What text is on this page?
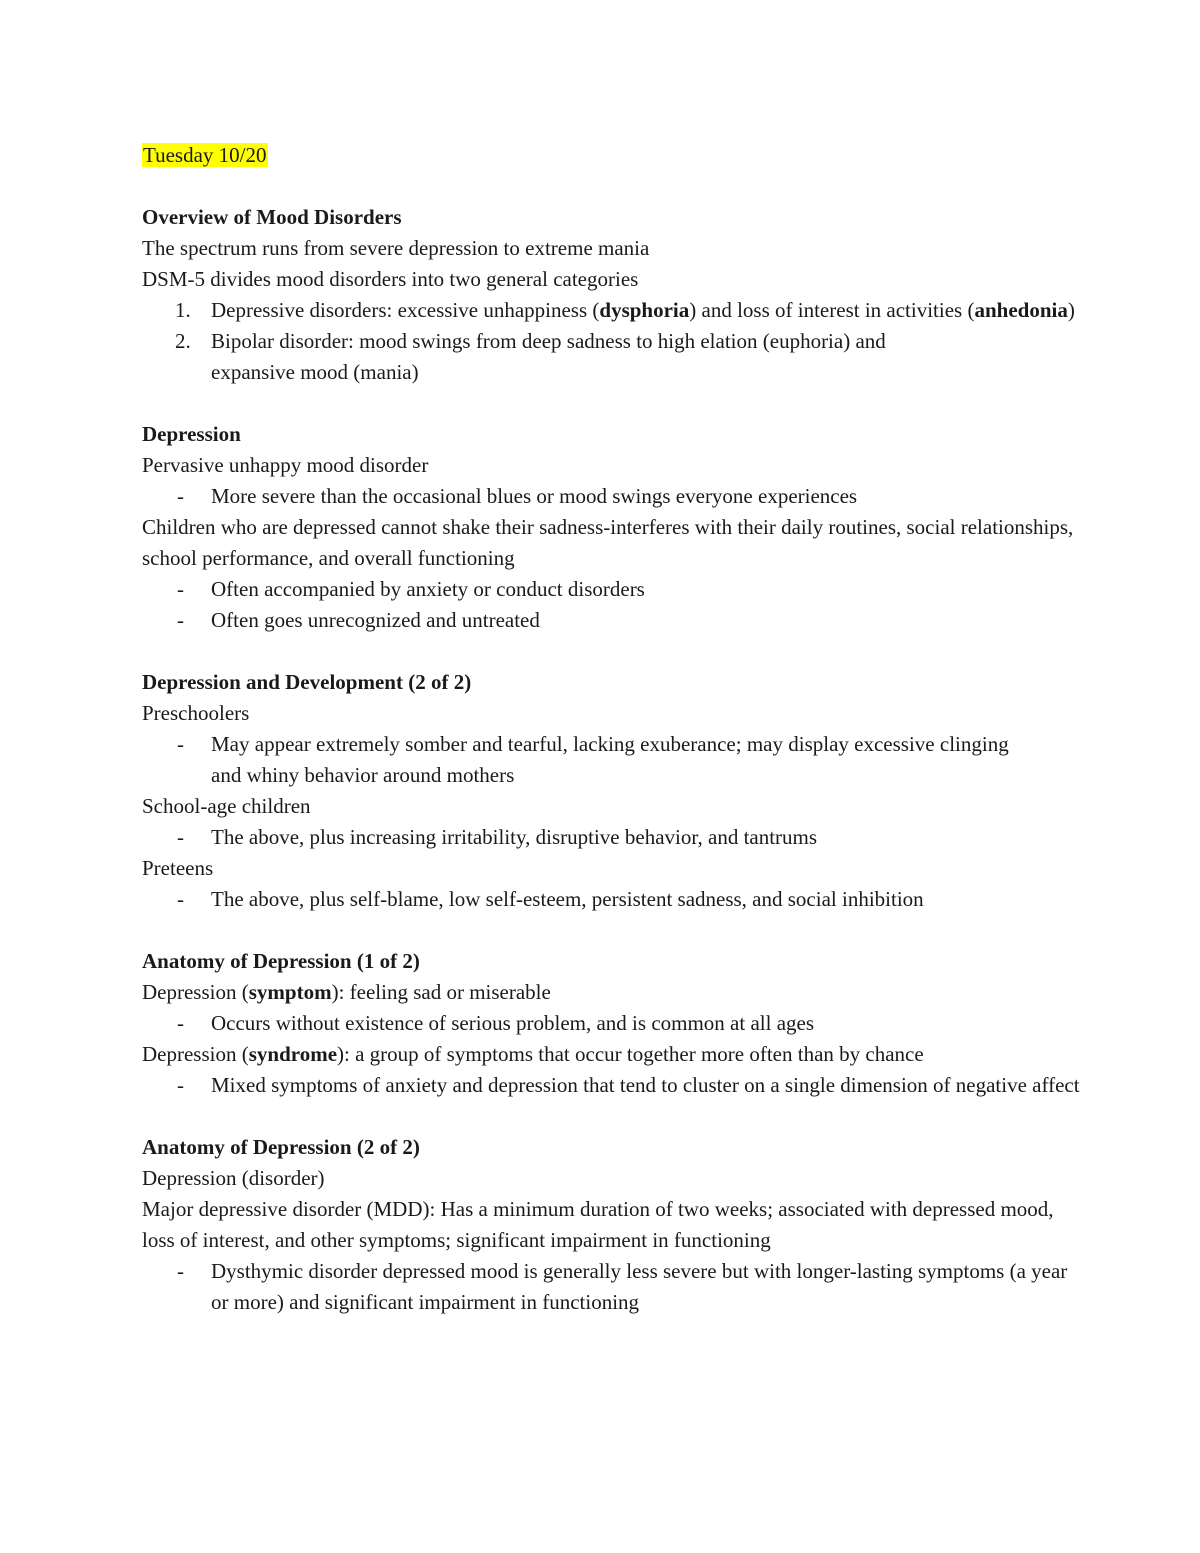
Tuesday 10/20
Overview of Mood Disorders
The spectrum runs from severe depression to extreme mania
DSM-5 divides mood disorders into two general categories
1. Depressive disorders: excessive unhappiness (dysphoria) and loss of interest in activities (anhedonia)
2. Bipolar disorder: mood swings from deep sadness to high elation (euphoria) and expansive mood (mania)
Depression
Pervasive unhappy mood disorder
- More severe than the occasional blues or mood swings everyone experiences
Children who are depressed cannot shake their sadness-interferes with their daily routines, social relationships, school performance, and overall functioning
- Often accompanied by anxiety or conduct disorders
- Often goes unrecognized and untreated
Depression and Development (2 of 2)
Preschoolers
- May appear extremely somber and tearful, lacking exuberance; may display excessive clinging and whiny behavior around mothers
School-age children
- The above, plus increasing irritability, disruptive behavior, and tantrums
Preteens
- The above, plus self-blame, low self-esteem, persistent sadness, and social inhibition
Anatomy of Depression (1 of 2)
Depression (symptom): feeling sad or miserable
- Occurs without existence of serious problem, and is common at all ages
Depression (syndrome): a group of symptoms that occur together more often than by chance
- Mixed symptoms of anxiety and depression that tend to cluster on a single dimension of negative affect
Anatomy of Depression (2 of 2)
Depression (disorder)
Major depressive disorder (MDD): Has a minimum duration of two weeks; associated with depressed mood, loss of interest, and other symptoms; significant impairment in functioning
- Dysthymic disorder depressed mood is generally less severe but with longer-lasting symptoms (a year or more) and significant impairment in functioning
